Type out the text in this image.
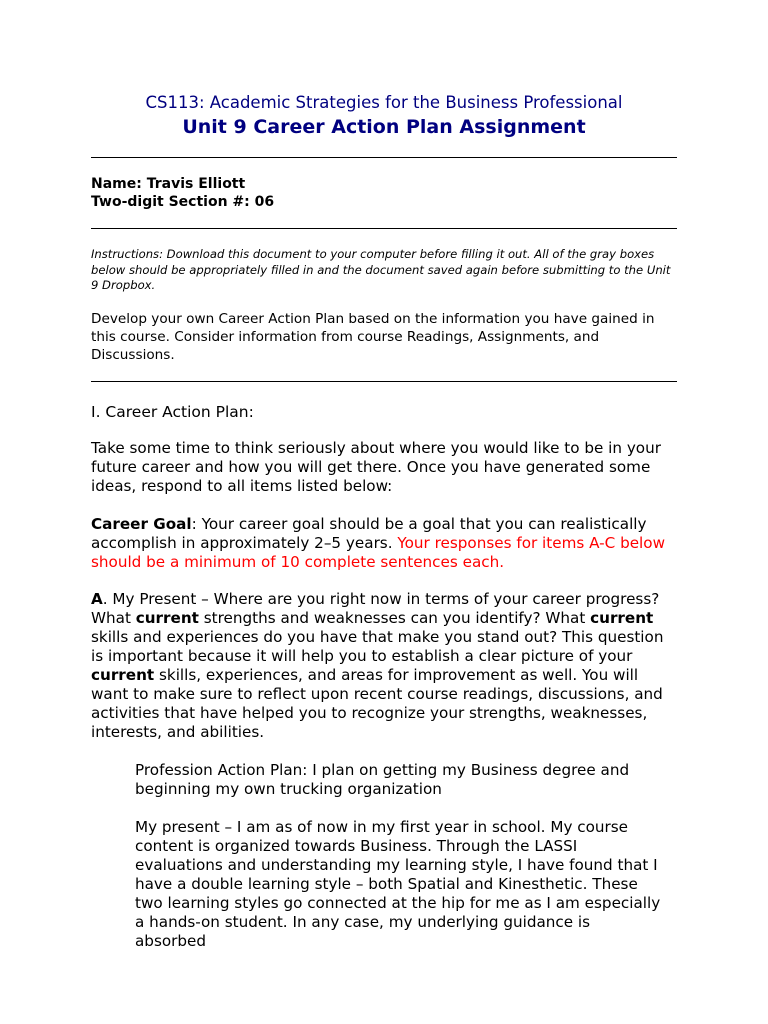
CS113: Academic Strategies for the Business Professional
Unit 9 Career Action Plan Assignment
Name: Travis Elliott
Two-digit Section #: 06
Instructions: Download this document to your computer before filling it out. All of the gray boxes below should be appropriately filled in and the document saved again before submitting to the Unit 9 Dropbox.
Develop your own Career Action Plan based on the information you have gained in this course. Consider information from course Readings, Assignments, and Discussions.
I. Career Action Plan:
Take some time to think seriously about where you would like to be in your future career and how you will get there. Once you have generated some ideas, respond to all items listed below:
Career Goal: Your career goal should be a goal that you can realistically accomplish in approximately 2–5 years. Your responses for items A-C below should be a minimum of 10 complete sentences each.
A. My Present – Where are you right now in terms of your career progress? What current strengths and weaknesses can you identify? What current skills and experiences do you have that make you stand out? This question is important because it will help you to establish a clear picture of your current skills, experiences, and areas for improvement as well. You will want to make sure to reflect upon recent course readings, discussions, and activities that have helped you to recognize your strengths, weaknesses, interests, and abilities.
Profession Action Plan: I plan on getting my Business degree and beginning my own trucking organization
My present – I am as of now in my first year in school. My course content is organized towards Business. Through the LASSI evaluations and understanding my learning style, I have found that I have a double learning style – both Spatial and Kinesthetic. These two learning styles go connected at the hip for me as I am especially a hands-on student. In any case, my underlying guidance is absorbed
